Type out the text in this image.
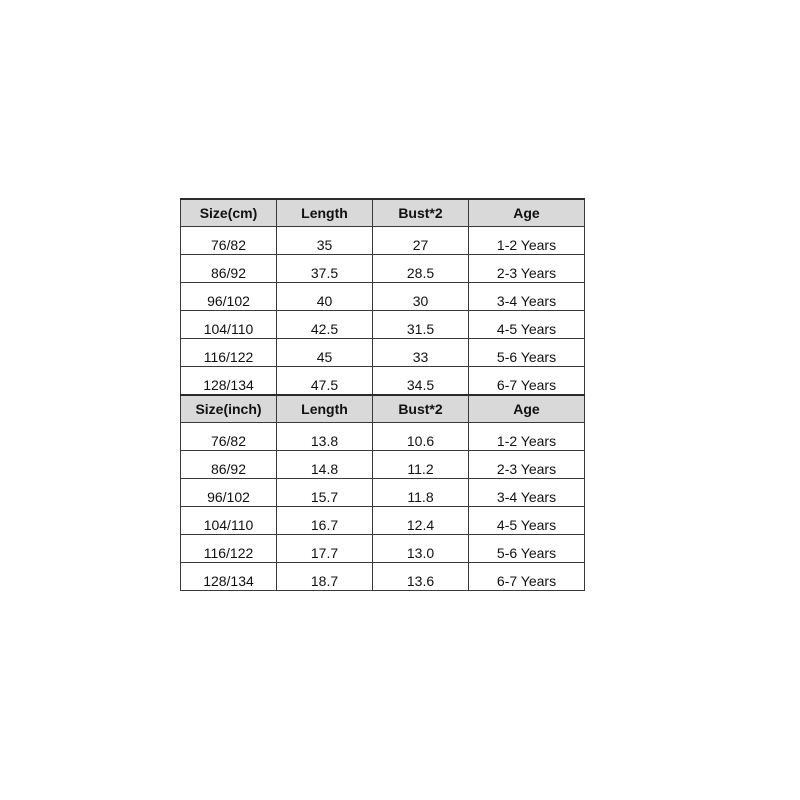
Size(cm)	Length	Bust*2	Age
76/82	35	27	1-2 Years
86/92	37.5	28.5	2-3 Years
96/102	40	30	3-4 Years
104/110	42.5	31.5	4-5 Years
116/122	45	33	5-6 Years
128/134	47.5	34.5	6-7 Years
Size(inch)	Length	Bust*2	Age
76/82	13.8	10.6	1-2 Years
86/92	14.8	11.2	2-3 Years
96/102	15.7	11.8	3-4 Years
104/110	16.7	12.4	4-5 Years
116/122	17.7	13.0	5-6 Years
128/134	18.7	13.6	6-7 Years
